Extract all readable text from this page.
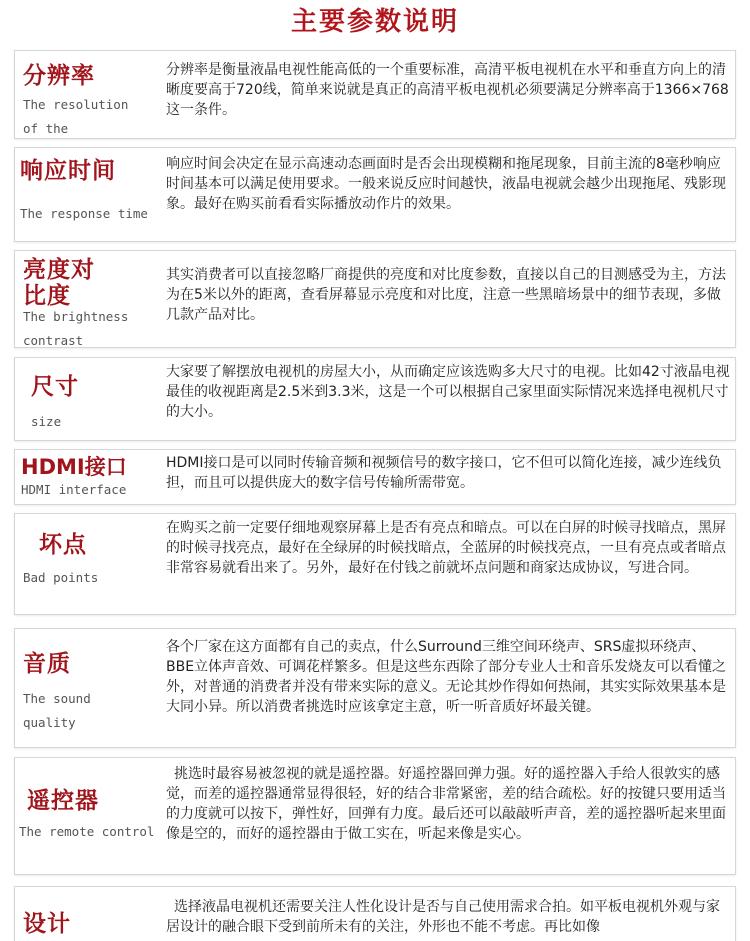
主要参数说明
分辨率
The resolution of the
分辨率是衡量液晶电视性能高低的一个重要标准，高清平板电视机在水平和垂直方向上的清晰度要高于720线，简单来说就是真正的高清平板电视机必须要满足分辨率高于1366×768这一条件。
响应时间
The response time
响应时间会决定在显示高速动态画面时是否会出现模糊和拖尾现象，目前主流的8毫秒响应时间基本可以满足使用要求。一般来说反应时间越快，液晶电视就会越少出现拖尾、残影现象。最好在购买前看看实际播放动作片的效果。
亮度对比度
The brightness contrast
其实消费者可以直接忽略厂商提供的亮度和对比度参数，直接以自己的目测感受为主，方法为在5米以外的距离，查看屏幕显示亮度和对比度，注意一些黑暗场景中的细节表现，多做几款产品对比。
尺寸
size
大家要了解摆放电视机的房屋大小，从而确定应该选购多大尺寸的电视。比如42寸液晶电视最佳的收视距离是2.5米到3.3米，这是一个可以根据自己家里面实际情况来选择电视机尺寸的大小。
HDMI接口
HDMI interface
HDMI接口是可以同时传输音频和视频信号的数字接口，它不但可以简化连接，减少连线负担，而且可以提供庞大的数字信号传输所需带宽。
坏点
Bad points
在购买之前一定要仔细地观察屏幕上是否有亮点和暗点。可以在白屏的时候寻找暗点，黑屏的时候寻找亮点，最好在全绿屏的时候找暗点，全蓝屏的时候找亮点，一旦有亮点或者暗点非常容易就看出来了。另外，最好在付钱之前就坏点问题和商家达成协议，写进合同。
音质
The sound quality
各个厂家在这方面都有自己的卖点，什么Surround三维空间环绕声、SRS虚拟环绕声、BBE立体声音效、可调花样繁多。但是这些东西除了部分专业人士和音乐发烧友可以看懂之外，对普通的消费者并没有带来实际的意义。无论其炒作得如何热闹，其实实际效果基本是大同小异。所以消费者挑选时应该拿定主意，听一听音质好坏最关键。
遥控器
The remote control
挑选时最容易被忽视的就是遥控器。好遥控器回弹力强。好的遥控器入手给人很敦实的感觉，而差的遥控器通常显得很轻，好的结合非常紧密，差的结合疏松。好的按键只要用适当的力度就可以按下，弹性好，回弹有力度。最后还可以敲敲听声音，差的遥控器听起来里面像是空的，而好的遥控器由于做工实在，听起来像是实心。
设计
选择液晶电视机还需要关注人性化设计是否与自己使用需求合拍。如平板电视机外观与家居设计的融合眼下受到前所未有的关注，外形也不能不考虑。再比如像
